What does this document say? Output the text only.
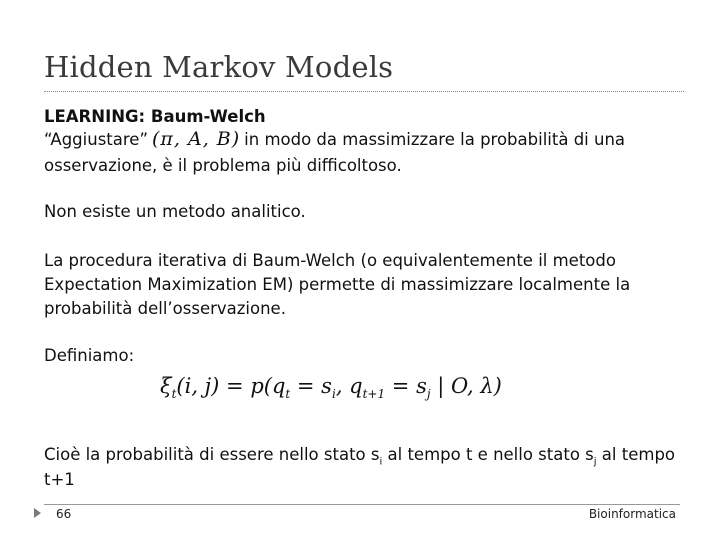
Hidden Markov Models
LEARNING: Baum-Welch
“Aggiustare” (π, A, B) in modo da massimizzare la probabilità di una
osservazione, è il problema più difficoltoso.
Non esiste un metodo analitico.
La procedura iterativa di Baum-Welch (o equivalentemente il metodo
Expectation Maximization EM) permette di massimizzare localmente la
probabilità dell’osservazione.
Definiamo:
$\xi_t(i$, $j) = p(q_t = s_i$, $q_{t+1} = s_j$ | O, λ)
Cioè la probabilità di essere nello stato $s_i$ al tempo t e nello stato $s_j$ al tempo
t+1
66	Bioinformatica
